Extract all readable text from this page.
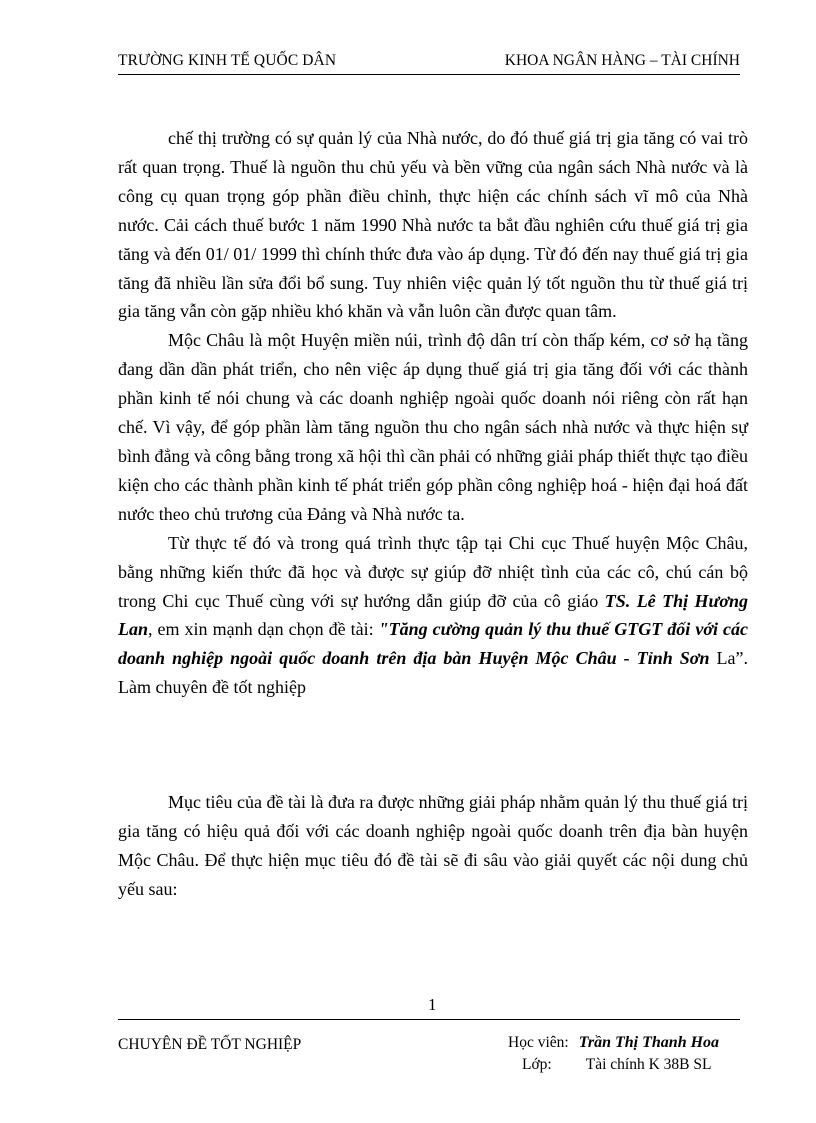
TRƯỜNG KINH TẾ QUỐC DÂN	KHOA NGÂN HÀNG – TÀI CHÍNH

chế thị trường có sự quản lý của Nhà nước, do đó thuế giá trị gia tăng có vai trò rất quan trọng. Thuế là nguồn thu chủ yếu và bền vững của ngân sách Nhà nước và là công cụ quan trọng góp phần điều chỉnh, thực hiện các chính sách vĩ mô của Nhà nước. Cải cách thuế bước 1 năm 1990 Nhà nước ta bắt đầu nghiên cứu thuế giá trị gia tăng và đến 01/ 01/ 1999 thì chính thức đưa vào áp dụng. Từ đó đến nay thuế giá trị gia tăng đã nhiều lần sửa đổi bổ sung. Tuy nhiên việc quản lý tốt nguồn thu từ thuế giá trị gia tăng vẫn còn gặp nhiều khó khăn và vẫn luôn cần được quan tâm.

Mộc Châu là một Huyện miền núi, trình độ dân trí còn thấp kém, cơ sở hạ tầng đang dần dần phát triển, cho nên việc áp dụng thuế giá trị gia tăng đối với các thành phần kinh tế nói chung và các doanh nghiệp ngoài quốc doanh nói riêng còn rất hạn chế. Vì vậy, để góp phần làm tăng nguồn thu cho ngân sách nhà nước và thực hiện sự bình đẳng và công bằng trong xã hội thì cần phải có những giải pháp thiết thực tạo điều kiện cho các thành phần kinh tế phát triển góp phần công nghiệp hoá - hiện đại hoá đất nước theo chủ trương của Đảng và Nhà nước ta.

Từ thực tế đó và trong quá trình thực tập tại Chi cục Thuế huyện Mộc Châu, bằng những kiến thức đã học và được sự giúp đỡ nhiệt tình của các cô, chú cán bộ trong Chi cục Thuế cùng với sự hướng dẫn giúp đỡ của cô giáo TS. Lê Thị Hương Lan, em xin mạnh dạn chọn đề tài: "Tăng cường quản lý thu thuế GTGT đối với các doanh nghiệp ngoài quốc doanh trên địa bàn Huyện Mộc Châu - Tỉnh Sơn La”. Làm chuyên đề tốt nghiệp

Mục tiêu của đề tài là đưa ra được những giải pháp nhằm quản lý thu thuế giá trị gia tăng có hiệu quả đối với các doanh nghiệp ngoài quốc doanh trên địa bàn huyện Mộc Châu. Để thực hiện mục tiêu đó đề tài sẽ đi sâu vào giải quyết các nội dung chủ yếu sau:

1
CHUYÊN ĐỀ TỐT NGHIỆP	Học viên: Trần Thị Thanh Hoa
Lớp: Tài chính K 38B SL
